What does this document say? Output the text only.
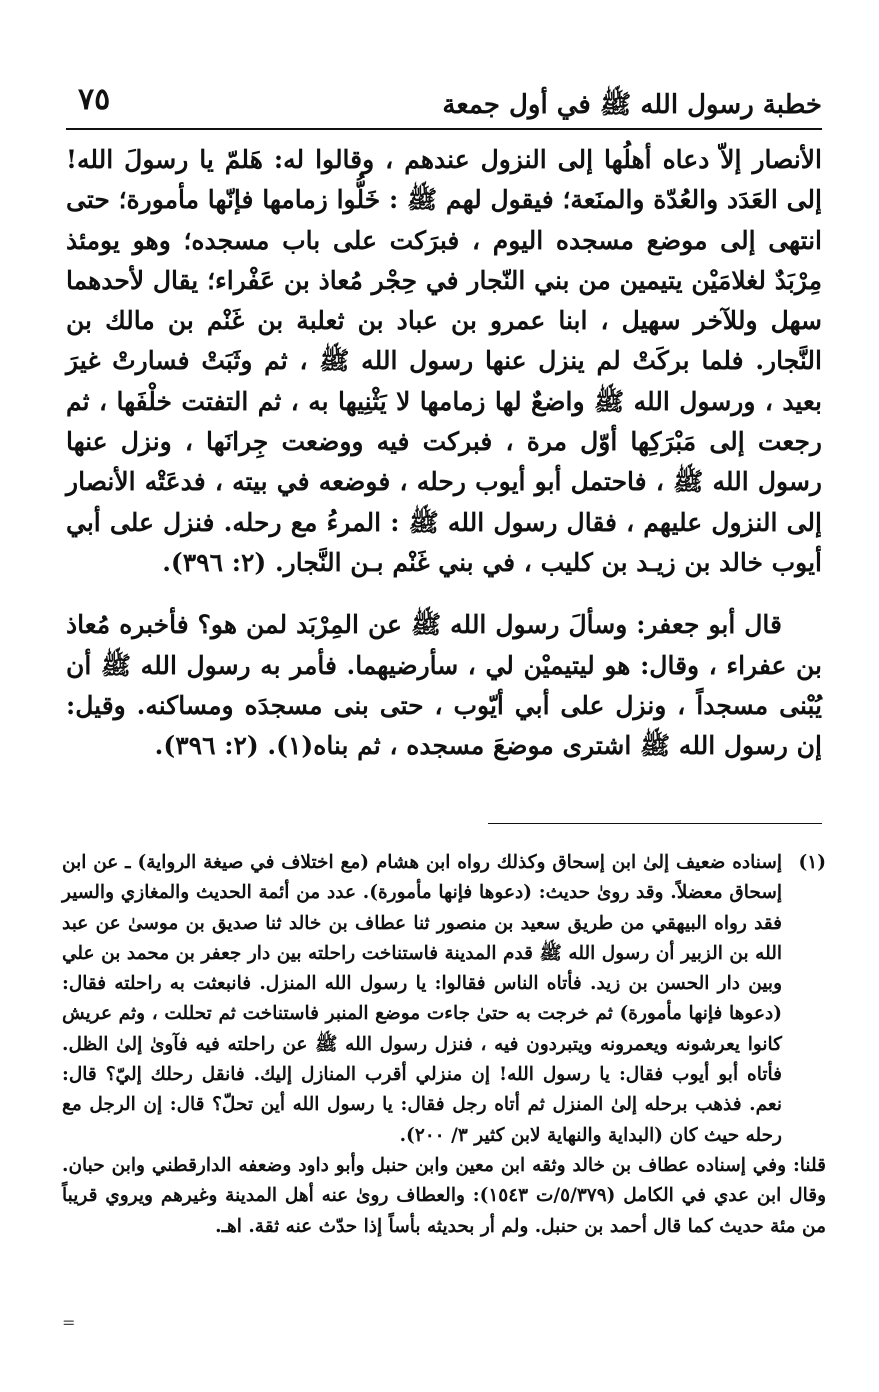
خطبة رسول الله ﷺ في أول جمعة
٧٥

الأنصار إلاّ دعاه أهلُها إلى النزول عندهم ، وقالوا له: هَلمّ يا رسولَ الله! إلى العَدَد والعُدّة والمنَعة؛ فيقول لهم ﷺ : خَلُّوا زمامها فإنّها مأمورة؛ حتى انتهى إلى موضع مسجده اليوم ، فبرَكت على باب مسجده؛ وهو يومئذ مِرْبَدٌ لغلامَيْن يتيمين من بني النّجار في حِجْر مُعاذ بن عَفْراء؛ يقال لأحدهما سهل وللآخر سهيل ، ابنا عمرو بن عباد بن ثعلبة بن غَنْم بن مالك بن النَّجار. فلما بركَتْ لم ينزل عنها رسول الله ﷺ ، ثم وثَبَتْ فسارتْ غيرَ بعيد ، ورسول الله ﷺ واضعٌ لها زمامها لا يَثْنِيها به ، ثم التفتت خلْفَها ، ثم رجعت إلى مَبْرَكِها أوّل مرة ، فبركت فيه ووضعت جِرانَها ، ونزل عنها رسول الله ﷺ ، فاحتمل أبو أيوب رحله ، فوضعه في بيته ، فدعَتْه الأنصار إلى النزول عليهم ، فقال رسول الله ﷺ : المرءُ مع رحله. فنزل على أبي أيوب خالد بن زيـد بن كليب ، في بني غَنْم بـن النَّجار. (٢: ٣٩٦).

قال أبو جعفر: وسألَ رسول الله ﷺ عن المِرْبَد لمن هو؟ فأخبره مُعاذ بن عفراء ، وقال: هو ليتيميْن لي ، سأرضيهما. فأمر به رسول الله ﷺ أن يُبْنى مسجداً ، ونزل على أبي أيّوب ، حتى بنى مسجدَه ومساكنه. وقيل: إن رسول الله ﷺ اشترى موضعَ مسجده ، ثم بناه(١). (٢: ٣٩٦).

(١)
إسناده ضعيف إلىٰ ابن إسحاق وكذلك رواه ابن هشام (مع اختلاف في صيغة الرواية) ـ عن ابن إسحاق معضلاً. وقد روىٰ حديث: (دعوها فإنها مأمورة). عدد من أئمة الحديث والمغازي والسير فقد رواه البيهقي من طريق سعيد بن منصور ثنا عطاف بن خالد ثنا صديق بن موسىٰ عن عبد الله بن الزبير أن رسول الله ﷺ قدم المدينة فاستناخت راحلته بين دار جعفر بن محمد بن علي وبين دار الحسن بن زيد. فأتاه الناس فقالوا: يا رسول الله المنزل. فانبعثت به راحلته فقال: (دعوها فإنها مأمورة) ثم خرجت به حتىٰ جاءت موضع المنبر فاستناخت ثم تحللت ، وثم عريش كانوا يعرشونه ويعمرونه ويتبردون فيه ، فنزل رسول الله ﷺ عن راحلته فيه فآوىٰ إلىٰ الظل. فأتاه أبو أيوب فقال: يا رسول الله! إن منزلي أقرب المنازل إليك. فانقل رحلك إليّ؟ قال: نعم. فذهب برحله إلىٰ المنزل ثم أتاه رجل فقال: يا رسول الله أين تحلّ؟ قال: إن الرجل مع رحله حيث كان (البداية والنهاية لابن كثير ٣/ ٢٠٠).

قلنا: وفي إسناده عطاف بن خالد وثقه ابن معين وابن حنبل وأبو داود وضعفه الدارقطني وابن حبان. وقال ابن عدي في الكامل (٥/٣٧٩/ت ١٥٤٣): والعطاف روىٰ عنه أهل المدينة وغيرهم ويروي قريباً من مئة حديث كما قال أحمد بن حنبل. ولم أر بحديثه بأساً إذا حدّث عنه ثقة. اهـ.

=
